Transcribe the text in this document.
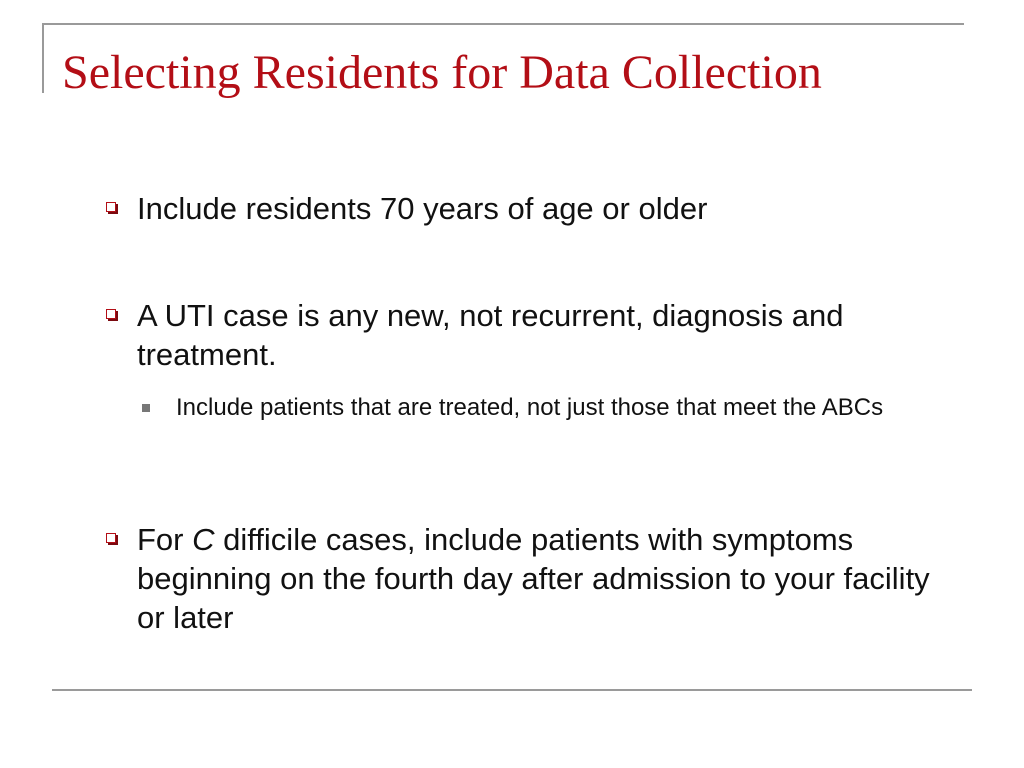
Selecting Residents for Data Collection
Include residents 70 years of age or older
A UTI case is any new, not recurrent, diagnosis and treatment.
Include patients that are treated, not just those that meet the ABCs
For C difficile cases, include patients with symptoms beginning on the fourth day after admission to your facility or later
